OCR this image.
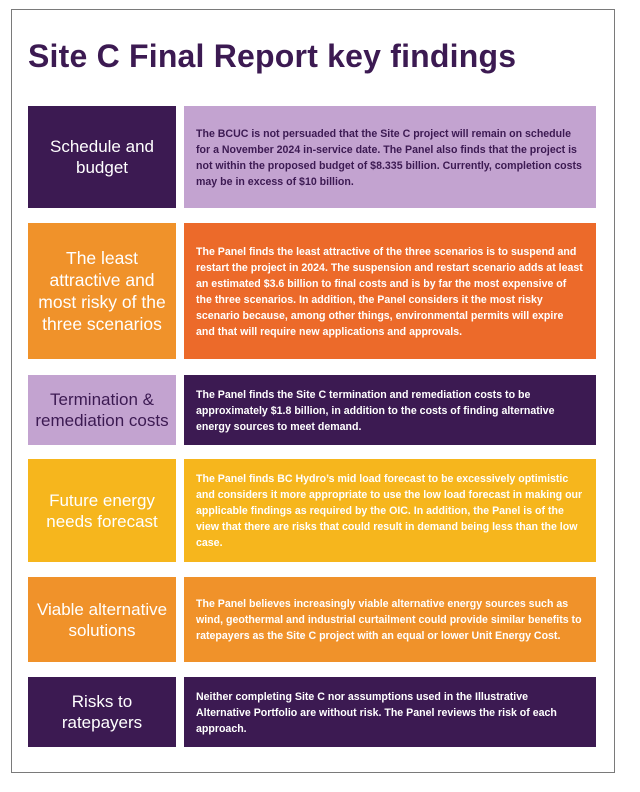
Site C Final Report key findings
Schedule and budget

The BCUC is not persuaded that the Site C project will remain on schedule for a November 2024 in-service date. The Panel also finds that the project is not within the proposed budget of $8.335 billion. Currently, completion costs may be in excess of $10 billion.

The least attractive and most risky of the three scenarios

The Panel finds the least attractive of the three scenarios is to suspend and restart the project in 2024. The suspension and restart scenario adds at least an estimated $3.6 billion to final costs and is by far the most expensive of the three scenarios. In addition, the Panel considers it the most risky scenario because, among other things, environmental permits will expire and that will require new applications and approvals.

Termination & remediation costs

The Panel finds the Site C termination and remediation costs to be approximately $1.8 billion, in addition to the costs of finding alternative energy sources to meet demand.

Future energy needs forecast

The Panel finds BC Hydro’s mid load forecast to be excessively optimistic and considers it more appropriate to use the low load forecast in making our applicable findings as required by the OIC. In addition, the Panel is of the view that there are risks that could result in demand being less than the low case.

Viable alternative solutions

The Panel believes increasingly viable alternative energy sources such as wind, geothermal and industrial curtailment could provide similar benefits to ratepayers as the Site C project with an equal or lower Unit Energy Cost.

Risks to ratepayers

Neither completing Site C nor assumptions used in the Illustrative Alternative Portfolio are without risk. The Panel reviews the risk of each approach.
